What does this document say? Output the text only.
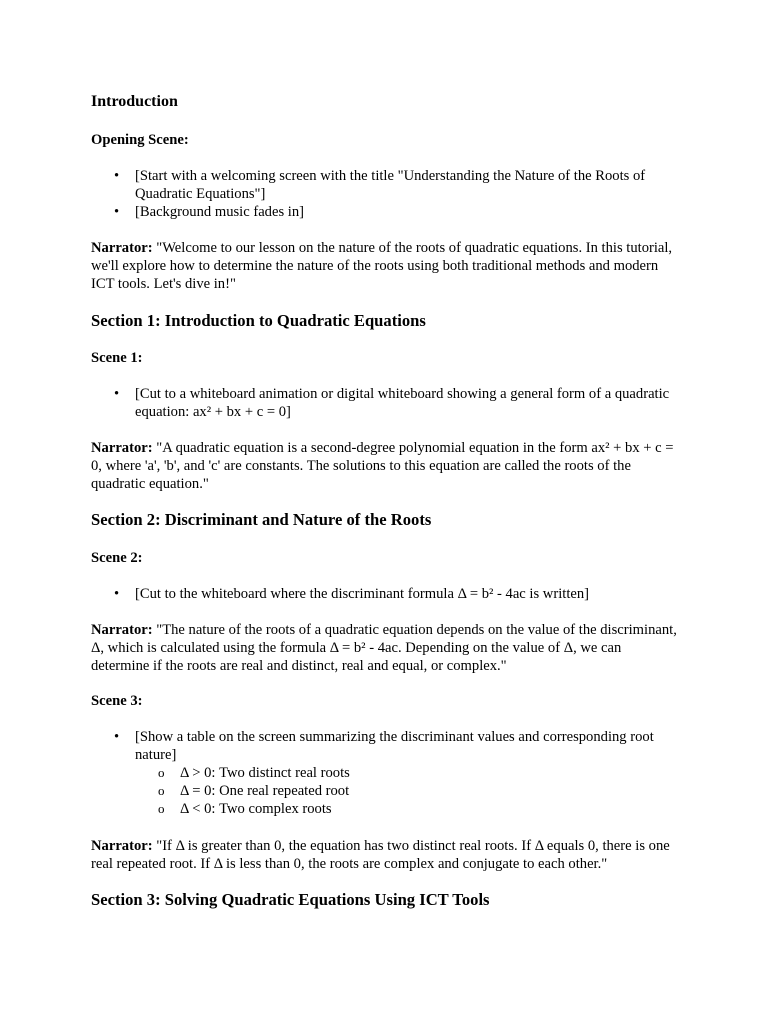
Introduction

Opening Scene:

• [Start with a welcoming screen with the title "Understanding the Nature of the Roots of Quadratic Equations"]
• [Background music fades in]

Narrator: "Welcome to our lesson on the nature of the roots of quadratic equations. In this tutorial, we'll explore how to determine the nature of the roots using both traditional methods and modern ICT tools. Let's dive in!"

Section 1: Introduction to Quadratic Equations

Scene 1:

• [Cut to a whiteboard animation or digital whiteboard showing a general form of a quadratic equation: ax² + bx + c = 0]

Narrator: "A quadratic equation is a second-degree polynomial equation in the form ax² + bx + c = 0, where 'a', 'b', and 'c' are constants. The solutions to this equation are called the roots of the quadratic equation."

Section 2: Discriminant and Nature of the Roots

Scene 2:

• [Cut to the whiteboard where the discriminant formula Δ = b² - 4ac is written]

Narrator: "The nature of the roots of a quadratic equation depends on the value of the discriminant, Δ, which is calculated using the formula Δ = b² - 4ac. Depending on the value of Δ, we can determine if the roots are real and distinct, real and equal, or complex."

Scene 3:

• [Show a table on the screen summarizing the discriminant values and corresponding root nature]
o Δ > 0: Two distinct real roots
o Δ = 0: One real repeated root
o Δ < 0: Two complex roots

Narrator: "If Δ is greater than 0, the equation has two distinct real roots. If Δ equals 0, there is one real repeated root. If Δ is less than 0, the roots are complex and conjugate to each other."

Section 3: Solving Quadratic Equations Using ICT Tools
